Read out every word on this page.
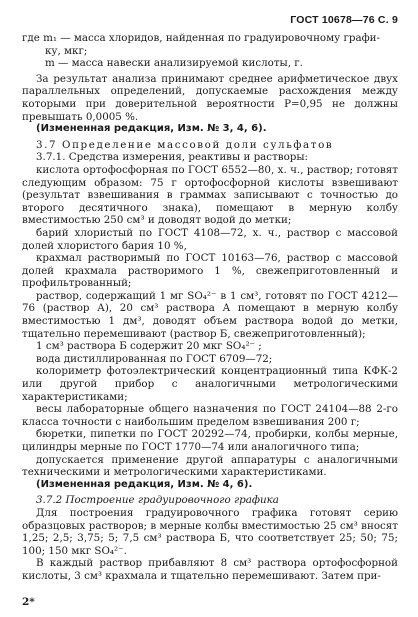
ГОСТ 10678—76 С. 9

где m₁ — масса хлоридов, найденная по градуировочному графи-

ку, мкг;

m — масса навески анализируемой кислоты, г.

За результат анализа принимают среднее арифметическое двух параллельных определений, допускаемые расхождения между которыми при доверительной вероятности P=0,95 не должны превышать 0,0005 %.

(Измененная редакция, Изм. № 3, 4, 6).

3.7 Определение массовой доли сульфатов

3.7.1. Средства измерения, реактивы и растворы:

кислота ортофосфорная по ГОСТ 6552—80, х. ч., раствор; готовят следующим образом: 75 г ортофосфорной кислоты взвешивают (результат взвешивания в граммах записывают с точностью до второго десятичного знака), помещают в мерную колбу вместимостью 250 см³ и доводят водой до метки;

барий хлористый по ГОСТ 4108—72, х. ч., раствор с массовой долей хлористого бария 10 %,

крахмал растворимый по ГОСТ 10163—76, раствор с массовой долей крахмала растворимого 1 %, свежеприготовленный и профильтрованный;

раствор, содержащий 1 мг SO₄²⁻ в 1 см³, готовят по ГОСТ 4212—76 (раствор А), 20 см³ раствора А помещают в мерную колбу вместимостью 1 дм³, доводят объем раствора водой до метки, тщательно перемешивают (раствор Б, свежеприготовленный);

1 см³ раствора Б содержит 20 мкг SO₄²⁻ ;

вода дистиллированная по ГОСТ 6709—72;

колориметр фотоэлектрический концентрационный типа КФК-2 или другой прибор с аналогичными метрологическими характеристиками;

весы лабораторные общего назначения по ГОСТ 24104—88 2-го класса точности с наибольшим пределом взвешивания 200 г;

бюретки, пипетки по ГОСТ 20292—74, пробирки, колбы мерные, цилиндры мерные по ГОСТ 1770—74 или аналогичного типа;

допускается применение другой аппаратуры с аналогичными техническими и метрологическими характеристиками.

(Измененная редакция, Изм. № 4, 6).

3.7.2 Построение градуировочного графика

Для построения градуировочного графика готовят серию образцовых растворов; в мерные колбы вместимостью 25 см³ вносят 1,25; 2,5; 3,75; 5; 7,5 см³ раствора Б, что соответствует 25; 50; 75; 100; 150 мкг SO₄²⁻.

В каждый раствор прибавляют 8 см³ раствора ортофосфорной кислоты, 3 см³ крахмала и тщательно перемешивают. Затем при-

2*
